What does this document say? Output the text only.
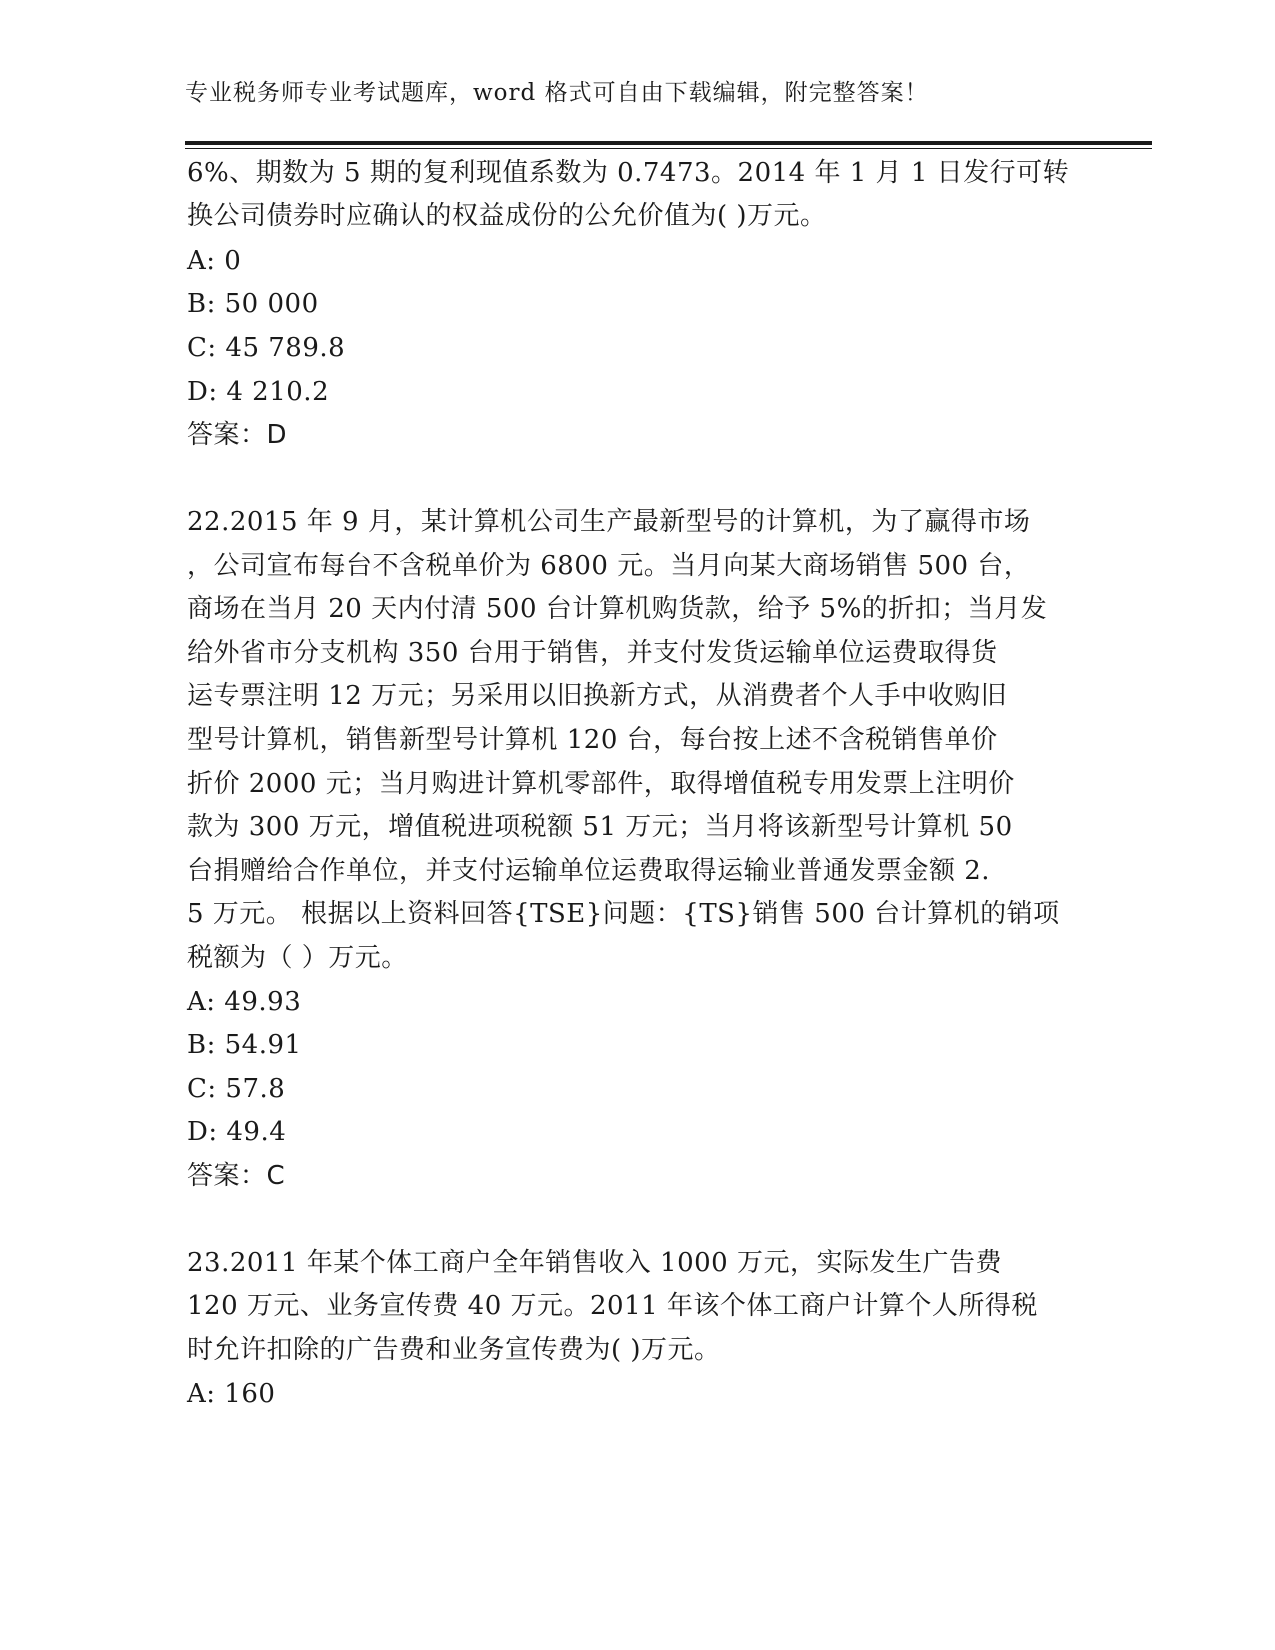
专业税务师专业考试题库，word 格式可自由下载编辑，附完整答案！
6%、期数为 5 期的复利现值系数为 0.7473。2014 年 1 月 1 日发行可转
换公司债券时应确认的权益成份的公允价值为( )万元。
A: 0
B: 50 000
C: 45 789.8
D: 4 210.2
答案：D
22.2015 年 9 月，某计算机公司生产最新型号的计算机，为了赢得市场
，公司宣布每台不含税单价为 6800 元。当月向某大商场销售 500 台，
商场在当月 20 天内付清 500 台计算机购货款，给予 5%的折扣；当月发
给外省市分支机构 350 台用于销售，并支付发货运输单位运费取得货
运专票注明 12 万元；另采用以旧换新方式，从消费者个人手中收购旧
型号计算机，销售新型号计算机 120 台，每台按上述不含税销售单价
折价 2000 元；当月购进计算机零部件，取得增值税专用发票上注明价
款为 300 万元，增值税进项税额 51 万元；当月将该新型号计算机 50
台捐赠给合作单位，并支付运输单位运费取得运输业普通发票金额 2.
5 万元。 根据以上资料回答{TSE}问题：{TS}销售 500 台计算机的销项
税额为（ ）万元。
A: 49.93
B: 54.91
C: 57.8
D: 49.4
答案：C
23.2011 年某个体工商户全年销售收入 1000 万元，实际发生广告费
120 万元、业务宣传费 40 万元。2011 年该个体工商户计算个人所得税
时允许扣除的广告费和业务宣传费为( )万元。
A: 160
